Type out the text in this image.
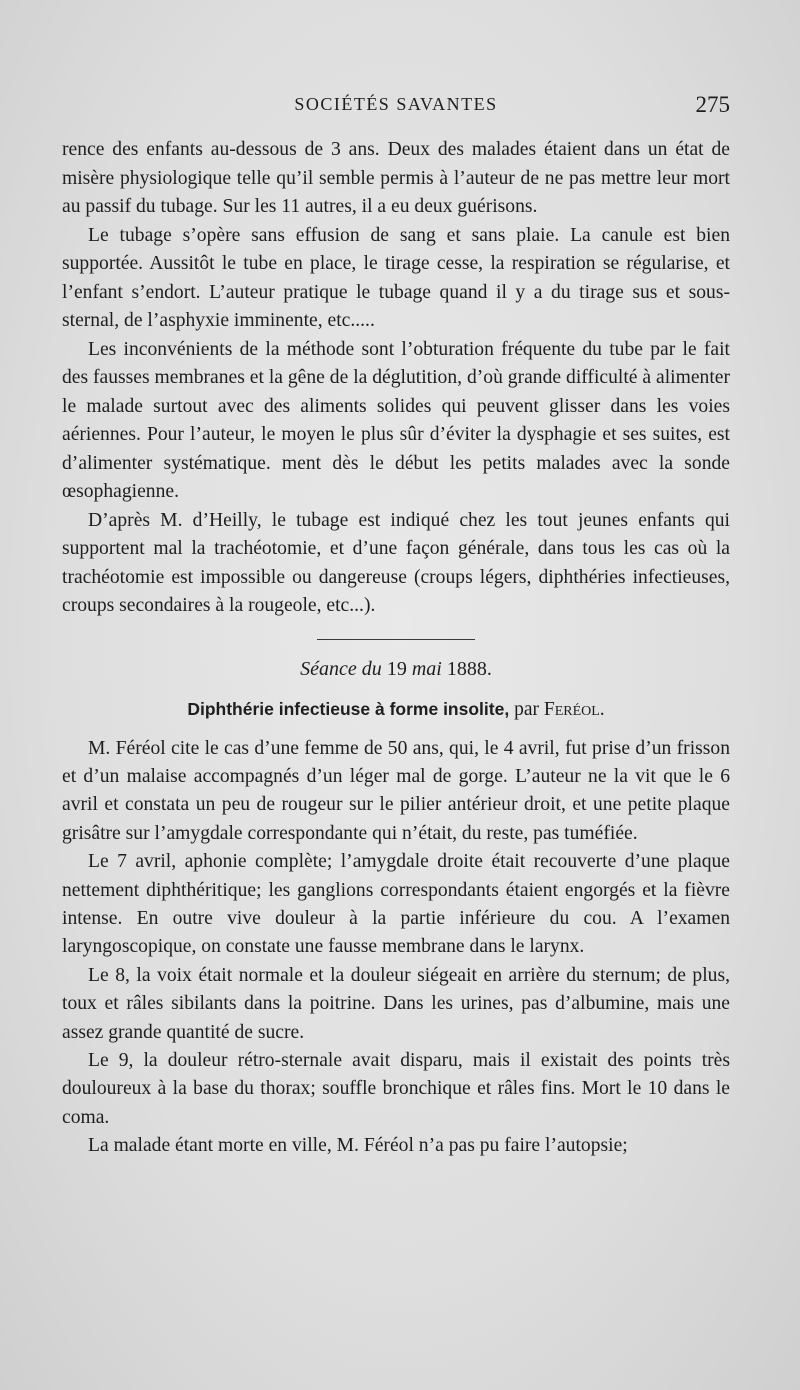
SOCIÉTÉS SAVANTES	275

rence des enfants au-dessous de 3 ans. Deux des malades étaient dans un état de misère physiologique telle qu’il semble permis à l’auteur de ne pas mettre leur mort au passif du tubage. Sur les 11 autres, il a eu deux guérisons.

Le tubage s’opère sans effusion de sang et sans plaie. La canule est bien supportée. Aussitôt le tube en place, le tirage cesse, la respiration se régularise, et l’enfant s’endort. L’auteur pratique le tubage quand il y a du tirage sus et sous-sternal, de l’asphyxie imminente, etc.....

Les inconvénients de la méthode sont l’obturation fréquente du tube par le fait des fausses membranes et la gêne de la déglutition, d’où grande difficulté à alimenter le malade surtout avec des aliments solides qui peuvent glisser dans les voies aériennes. Pour l’auteur, le moyen le plus sûr d’éviter la dysphagie et ses suites, est d’alimenter systématique. ment dès le début les petits malades avec la sonde œsophagienne.

D’après M. d’Heilly, le tubage est indiqué chez les tout jeunes enfants qui supportent mal la trachéotomie, et d’une façon générale, dans tous les cas où la trachéotomie est impossible ou dangereuse (croups légers, diphthéries infectieuses, croups secondaires à la rougeole, etc...).

Séance du 19 mai 1888.
Diphthérie infectieuse à forme insolite, par Feréol.

M. Féréol cite le cas d’une femme de 50 ans, qui, le 4 avril, fut prise d’un frisson et d’un malaise accompagnés d’un léger mal de gorge. L’auteur ne la vit que le 6 avril et constata un peu de rougeur sur le pilier antérieur droit, et une petite plaque grisâtre sur l’amygdale correspondante qui n’était, du reste, pas tuméfiée.

Le 7 avril, aphonie complète; l’amygdale droite était recouverte d’une plaque nettement diphthéritique; les ganglions correspondants étaient engorgés et la fièvre intense. En outre vive douleur à la partie inférieure du cou. A l’examen laryngoscopique, on constate une fausse membrane dans le larynx.

Le 8, la voix était normale et la douleur siégeait en arrière du sternum; de plus, toux et râles sibilants dans la poitrine. Dans les urines, pas d’albumine, mais une assez grande quantité de sucre.

Le 9, la douleur rétro-sternale avait disparu, mais il existait des points très douloureux à la base du thorax; souffle bronchique et râles fins. Mort le 10 dans le coma.

La malade étant morte en ville, M. Féréol n’a pas pu faire l’autopsie;
